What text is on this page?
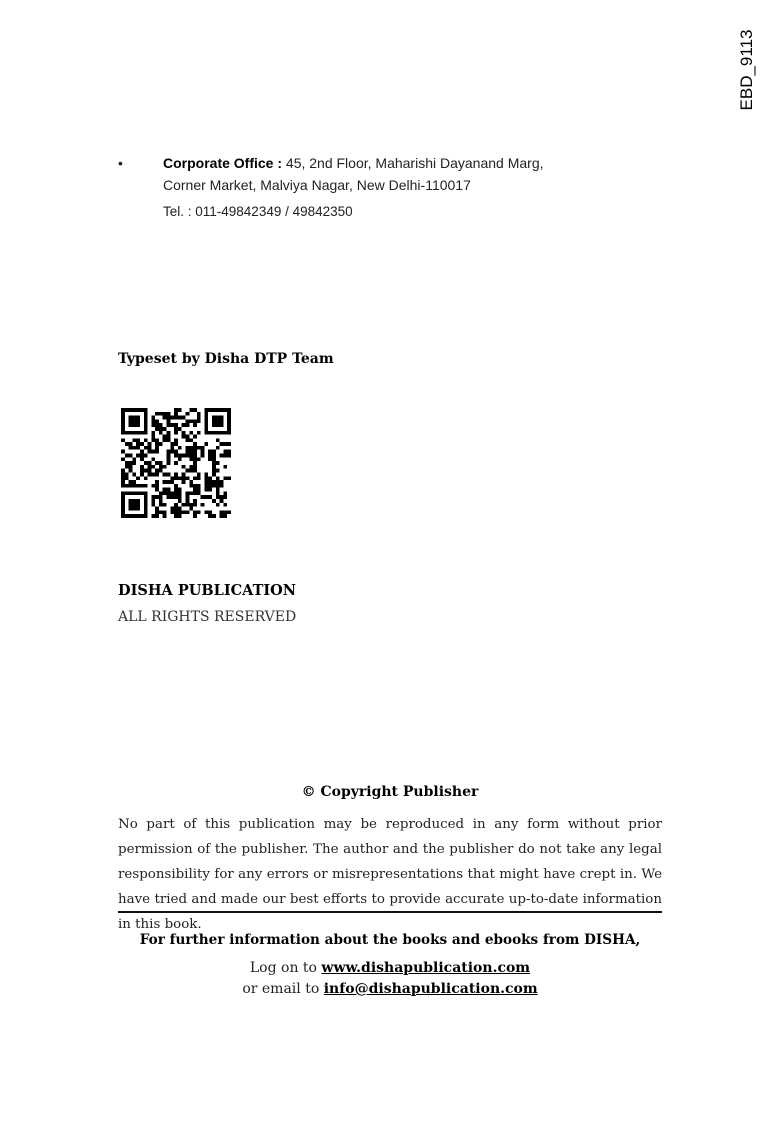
EBD_9113
•	Corporate Office : 45, 2nd Floor, Maharishi Dayanand Marg,
Corner Market, Malviya Nagar, New Delhi-110017
Tel. : 011-49842349 / 49842350
Typeset by Disha DTP Team
DISHA PUBLICATION
ALL RIGHTS RESERVED
© Copyright Publisher
No part of this publication may be reproduced in any form without prior permission of the publisher. The author and the publisher do not take any legal responsibility for any errors or misrepresentations that might have crept in. We have tried and made our best efforts to provide accurate up-to-date information in this book.
For further information about the books and ebooks from DISHA,
Log on to www.dishapublication.com
or email to info@dishapublication.com
